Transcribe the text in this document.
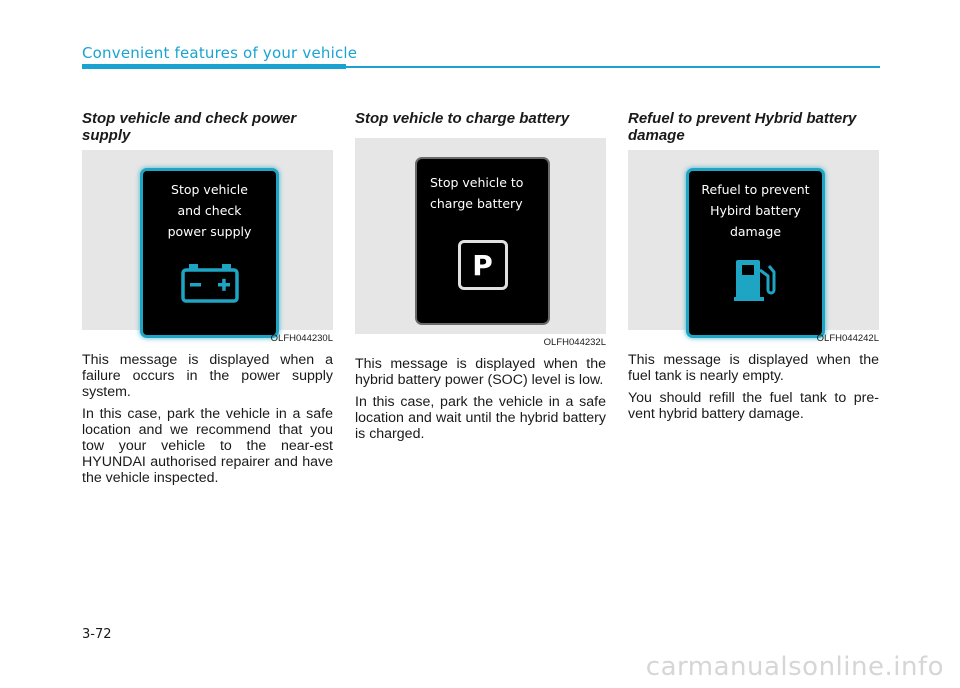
Convenient features of your vehicle

Stop vehicle and check power supply

Stop vehicle
and check
power supply
OLFH044230L

This message is displayed when a failure occurs in the power supply system.

In this case, park the vehicle in a safe location and we recommend that you tow your vehicle to the near-est HYUNDAI authorised repairer and have the vehicle inspected.

Stop vehicle to charge battery

Stop vehicle to
charge battery
P
OLFH044232L

This message is displayed when the hybrid battery power (SOC) level is low.

In this case, park the vehicle in a safe location and wait until the hybrid battery is charged.

Refuel to prevent Hybrid battery damage

Refuel to prevent
Hybird battery
damage
OLFH044242L

This message is displayed when the fuel tank is nearly empty.

You should refill the fuel tank to pre-vent hybrid battery damage.

3-72
carmanualsonline.info
